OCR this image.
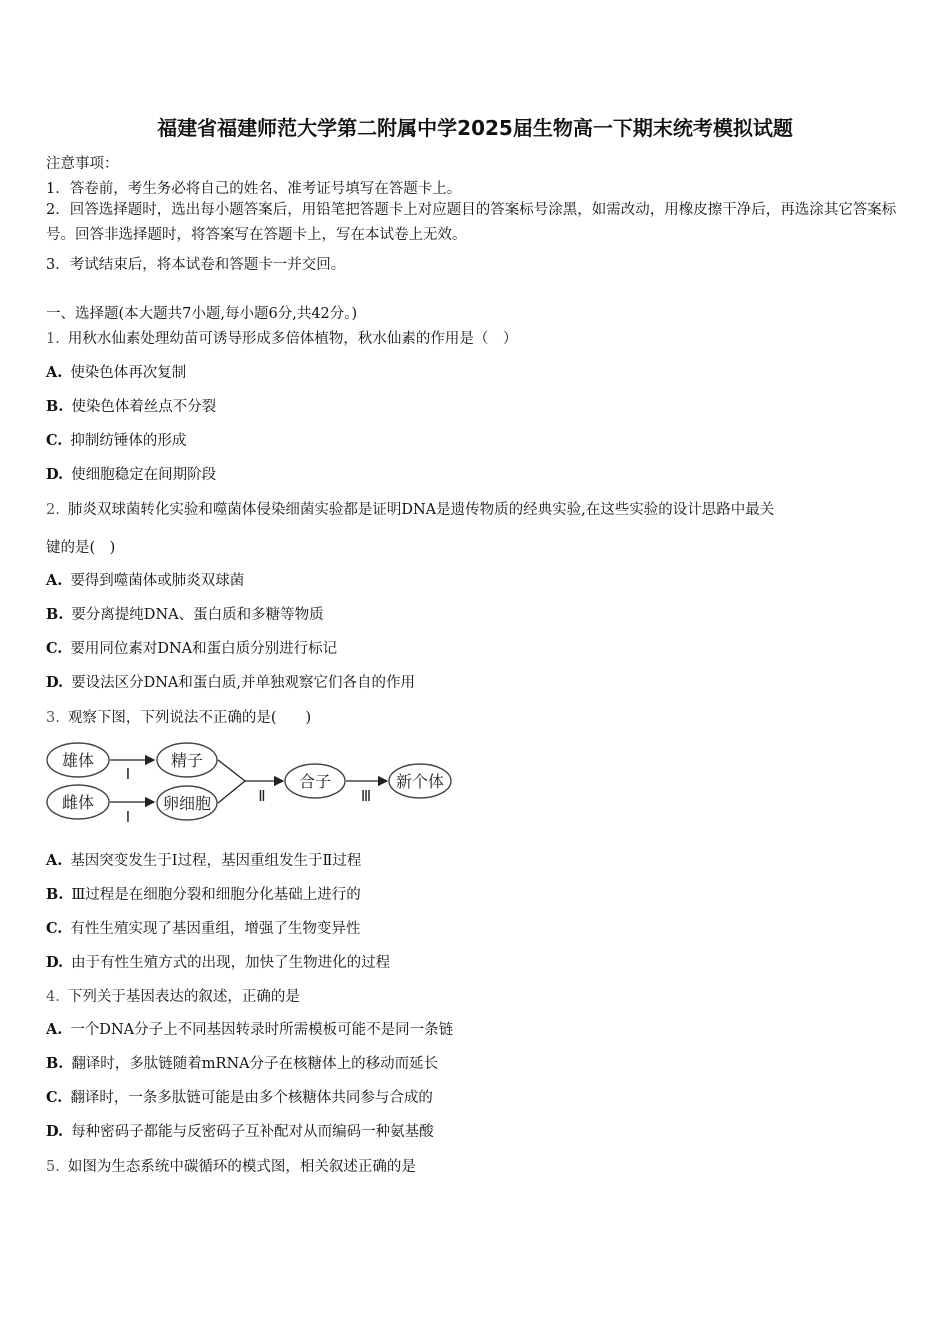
福建省福建师范大学第二附属中学2025届生物高一下期末统考模拟试题
注意事项：
1．答卷前，考生务必将自己的姓名、准考证号填写在答题卡上。
2．回答选择题时，选出每小题答案后，用铅笔把答题卡上对应题目的答案标号涂黑，如需改动，用橡皮擦干净后，再选涂其它答案标号。回答非选择题时，将答案写在答题卡上，写在本试卷上无效。
3．考试结束后，将本试卷和答题卡一并交回。
一、选择题(本大题共7小题,每小题6分,共42分。)
1. 用秋水仙素处理幼苗可诱导形成多倍体植物，秋水仙素的作用是（　）
A. 使染色体再次复制
B. 使染色体着丝点不分裂
C. 抑制纺锤体的形成
D. 使细胞稳定在间期阶段
2. 肺炎双球菌转化实验和噬菌体侵染细菌实验都是证明DNA是遗传物质的经典实验,在这些实验的设计思路中最关
键的是(　)
A. 要得到噬菌体或肺炎双球菌
B. 要分离提纯DNA、蛋白质和多糖等物质
C. 要用同位素对DNA和蛋白质分别进行标记
D. 要设法区分DNA和蛋白质,并单独观察它们各自的作用
3. 观察下图，下列说法不正确的是(　　)
雄体
雌体
精子
卵细胞
合子	新个体
Ⅰ
Ⅰ
Ⅱ	Ⅲ
A. 基因突变发生于Ⅰ过程，基因重组发生于Ⅱ过程
B. Ⅲ过程是在细胞分裂和细胞分化基础上进行的
C. 有性生殖实现了基因重组，增强了生物变异性
D. 由于有性生殖方式的出现，加快了生物进化的过程
4. 下列关于基因表达的叙述，正确的是
A. 一个DNA分子上不同基因转录时所需模板可能不是同一条链
B. 翻译时，多肽链随着mRNA分子在核糖体上的移动而延长
C. 翻译时，一条多肽链可能是由多个核糖体共同参与合成的
D. 每种密码子都能与反密码子互补配对从而编码一种氨基酸
5. 如图为生态系统中碳循环的模式图，相关叙述正确的是
